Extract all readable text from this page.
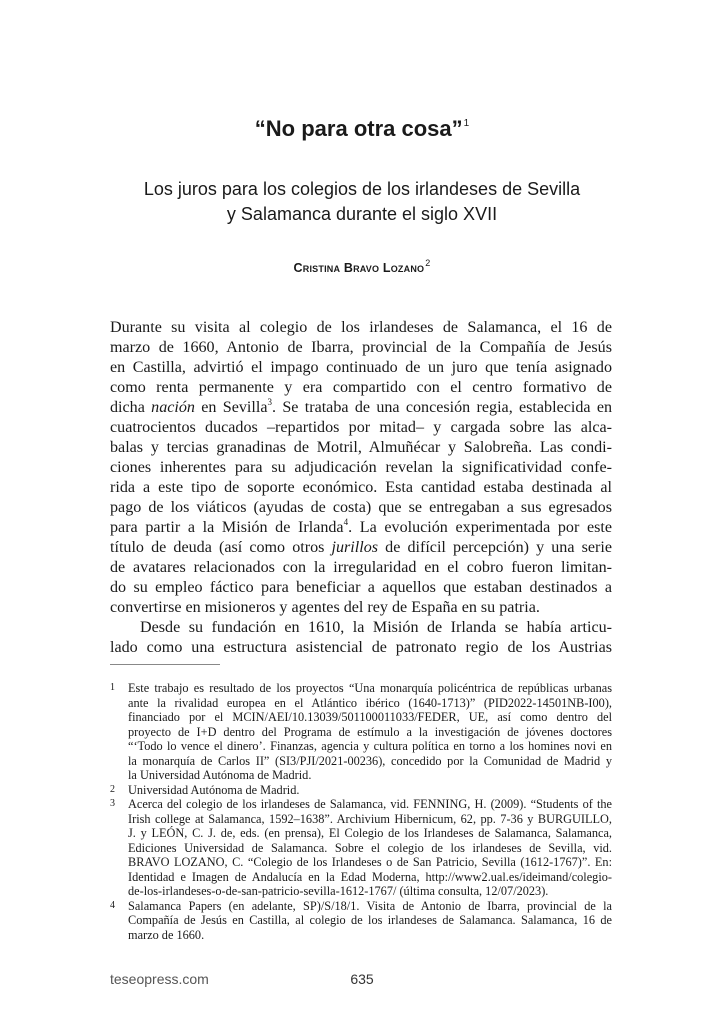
“No para otra cosa”$^1$
Los juros para los colegios de los irlandeses de Sevilla
y Salamanca durante el siglo XVII
Cristina Bravo Lozano$^2$
Durante su visita al colegio de los irlandeses de Salamanca, el 16 de
marzo de 1660, Antonio de Ibarra, provincial de la Compañía de Jesús
en Castilla, advirtió el impago continuado de un juro que tenía asignado
como renta permanente y era compartido con el centro formativo de
dicha nación en Sevilla$^3$. Se trataba de una concesión regia, establecida en
cuatrocientos ducados –repartidos por mitad– y cargada sobre las alca-
balas y tercias granadinas de Motril, Almuñécar y Salobreña. Las condi-
ciones inherentes para su adjudicación revelan la significatividad confe-
rida a este tipo de soporte económico. Esta cantidad estaba destinada al
pago de los viáticos (ayudas de costa) que se entregaban a sus egresados
para partir a la Misión de Irlanda$^4$. La evolución experimentada por este
título de deuda (así como otros jurillos de difícil percepción) y una serie
de avatares relacionados con la irregularidad en el cobro fueron limitan-
do su empleo fáctico para beneficiar a aquellos que estaban destinados a
convertirse en misioneros y agentes del rey de España en su patria.
Desde su fundación en 1610, la Misión de Irlanda se había articu-
lado como una estructura asistencial de patronato regio de los Austrias
1 Este trabajo es resultado de los proyectos “Una monarquía policéntrica de repúblicas urbanas
ante la rivalidad europea en el Atlántico ibérico (1640-1713)” (PID2022-14501NB-I00),
financiado por el MCIN/AEI/10.13039/501100011033/FEDER, UE, así como dentro del
proyecto de I+D dentro del Programa de estímulo a la investigación de jóvenes doctores
“‘Todo lo vence el dinero’. Finanzas, agencia y cultura política en torno a los homines novi en
la monarquía de Carlos II” (SI3/PJI/2021-00236), concedido por la Comunidad de Madrid y
la Universidad Autónoma de Madrid.
2 Universidad Autónoma de Madrid.
3 Acerca del colegio de los irlandeses de Salamanca, vid. FENNING, H. (2009). “Students of the
Irish college at Salamanca, 1592–1638”. Archivium Hibernicum, 62, pp. 7-36 y BURGUILLO,
J. y LEÓN, C. J. de, eds. (en prensa), El Colegio de los Irlandeses de Salamanca, Salamanca,
Ediciones Universidad de Salamanca. Sobre el colegio de los irlandeses de Sevilla, vid.
BRAVO LOZANO, C. “Colegio de los Irlandeses o de San Patricio, Sevilla (1612-1767)”. En:
Identidad e Imagen de Andalucía en la Edad Moderna, http://www2.ual.es/ideimand/colegio-
de-los-irlandeses-o-de-san-patricio-sevilla-1612-1767/ (última consulta, 12/07/2023).
4 Salamanca Papers (en adelante, SP)/S/18/1. Visita de Antonio de Ibarra, provincial de la
Compañía de Jesús en Castilla, al colegio de los irlandeses de Salamanca. Salamanca, 16 de
marzo de 1660.
teseopress.com	635
